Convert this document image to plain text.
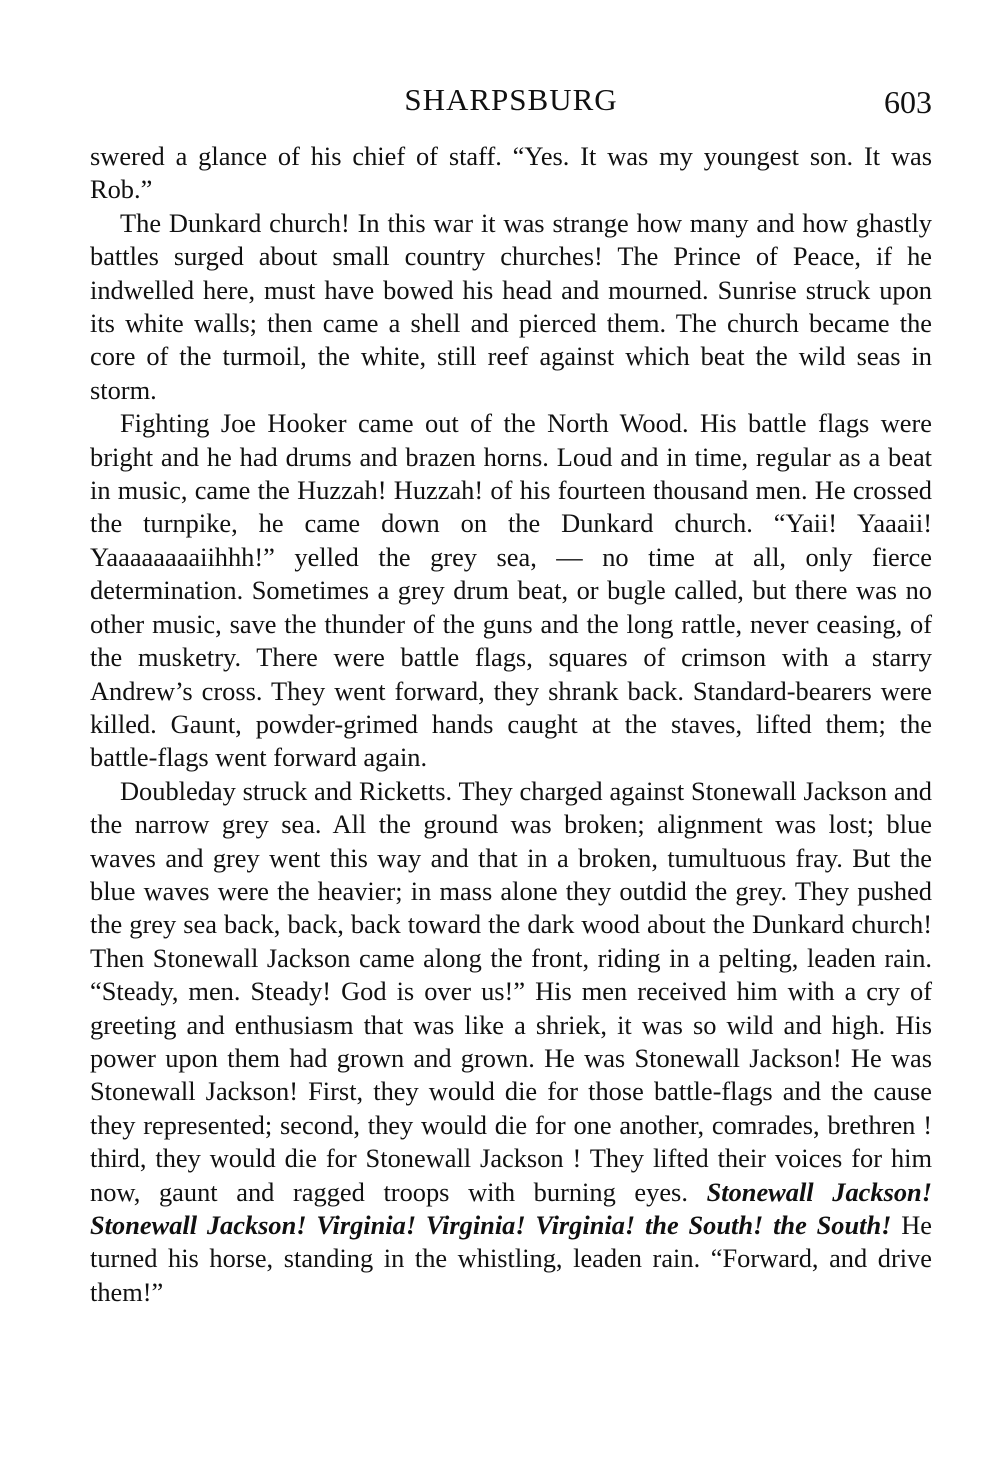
SHARPSBURG	603

swered a glance of his chief of staff. “Yes. It was my youngest son. It was Rob.”

The Dunkard church! In this war it was strange how many and how ghastly battles surged about small country churches! The Prince of Peace, if he indwelled here, must have bowed his head and mourned. Sunrise struck upon its white walls; then came a shell and pierced them. The church became the core of the turmoil, the white, still reef against which beat the wild seas in storm.

Fighting Joe Hooker came out of the North Wood. His battle flags were bright and he had drums and brazen horns. Loud and in time, regular as a beat in music, came the Huzzah! Huzzah! of his fourteen thousand men. He crossed the turnpike, he came down on the Dunkard church. “Yaii! Yaaaii! Yaaaaaaaaiihhh!” yelled the grey sea, — no time at all, only fierce determination. Sometimes a grey drum beat, or bugle called, but there was no other music, save the thunder of the guns and the long rattle, never ceasing, of the musketry. There were battle flags, squares of crimson with a starry Andrew’s cross. They went forward, they shrank back. Standard-bearers were killed. Gaunt, powder-grimed hands caught at the staves, lifted them; the battle-flags went forward again.

Doubleday struck and Ricketts. They charged against Stonewall Jackson and the narrow grey sea. All the ground was broken; alignment was lost; blue waves and grey went this way and that in a broken, tumultuous fray. But the blue waves were the heavier; in mass alone they outdid the grey. They pushed the grey sea back, back, back toward the dark wood about the Dunkard church! Then Stonewall Jackson came along the front, riding in a pelting, leaden rain. “Steady, men. Steady! God is over us!” His men received him with a cry of greeting and enthusiasm that was like a shriek, it was so wild and high. His power upon them had grown and grown. He was Stonewall Jackson! He was Stonewall Jackson! First, they would die for those battle-flags and the cause they represented; second, they would die for one another, comrades, brethren ! third, they would die for Stonewall Jackson ! They lifted their voices for him now, gaunt and ragged troops with burning eyes. Stonewall Jackson! Stonewall Jackson! Virginia! Virginia! Virginia! the South! the South! He turned his horse, standing in the whistling, leaden rain. “Forward, and drive them!”
